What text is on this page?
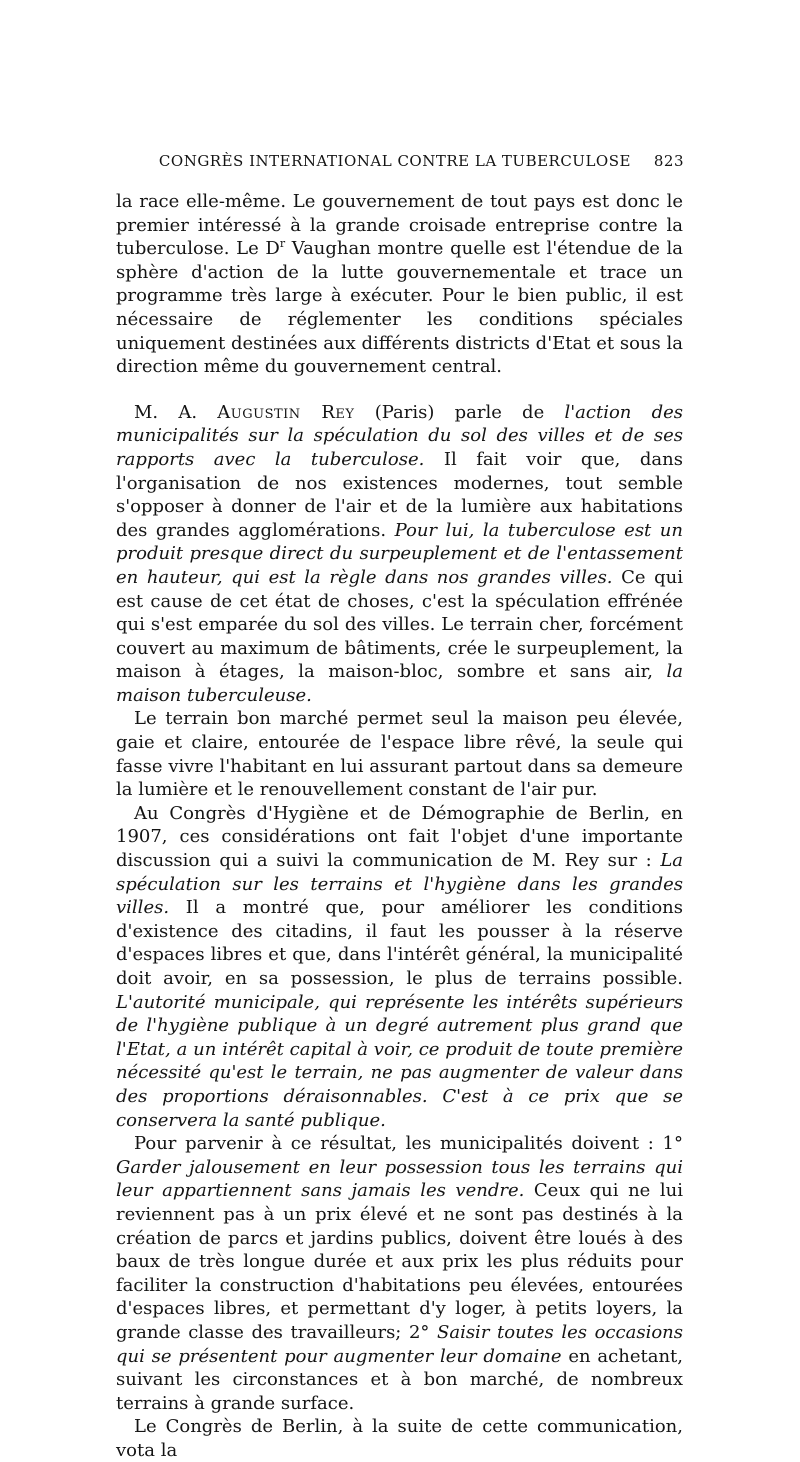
CONGRÈS INTERNATIONAL CONTRE LA TUBERCULOSE	823

la race elle-même. Le gouvernement de tout pays est donc le premier intéressé à la grande croisade entreprise contre la tuberculose. Le $D^r$ Vaughan montre quelle est l'étendue de la sphère d'action de la lutte gouvernementale et trace un programme très large à exécuter. Pour le bien public, il est nécessaire de réglementer les conditions spéciales uniquement destinées aux différents districts d'Etat et sous la direction même du gouvernement central.

M. A. Augustin Rey (Paris) parle de l'action des municipalités sur la spéculation du sol des villes et de ses rapports avec la tuberculose. Il fait voir que, dans l'organisation de nos existences modernes, tout semble s'opposer à donner de l'air et de la lumière aux habitations des grandes agglomérations. Pour lui, la tuberculose est un produit presque direct du surpeuplement et de l'entassement en hauteur, qui est la règle dans nos grandes villes. Ce qui est cause de cet état de choses, c'est la spéculation effrénée qui s'est emparée du sol des villes. Le terrain cher, forcément couvert au maximum de bâtiments, crée le surpeuplement, la maison à étages, la maison-bloc, sombre et sans air, la maison tuberculeuse.

Le terrain bon marché permet seul la maison peu élevée, gaie et claire, entourée de l'espace libre rêvé, la seule qui fasse vivre l'habitant en lui assurant partout dans sa demeure la lumière et le renouvellement constant de l'air pur.

Au Congrès d'Hygiène et de Démographie de Berlin, en 1907, ces considérations ont fait l'objet d'une importante discussion qui a suivi la communication de M. Rey sur : La spéculation sur les terrains et l'hygiène dans les grandes villes. Il a montré que, pour améliorer les conditions d'existence des citadins, il faut les pousser à la réserve d'espaces libres et que, dans l'intérêt général, la municipalité doit avoir, en sa possession, le plus de terrains possible. L'autorité municipale, qui représente les intérêts supérieurs de l'hygiène publique à un degré autrement plus grand que l'Etat, a un intérêt capital à voir, ce produit de toute première nécessité qu'est le terrain, ne pas augmenter de valeur dans des proportions déraisonnables. C'est à ce prix que se conservera la santé publique.

Pour parvenir à ce résultat, les municipalités doivent : 1° Garder jalousement en leur possession tous les terrains qui leur appartiennent sans jamais les vendre. Ceux qui ne lui reviennent pas à un prix élevé et ne sont pas destinés à la création de parcs et jardins publics, doivent être loués à des baux de très longue durée et aux prix les plus réduits pour faciliter la construction d'habitations peu élevées, entourées d'espaces libres, et permettant d'y loger, à petits loyers, la grande classe des travailleurs; 2° Saisir toutes les occasions qui se présentent pour augmenter leur domaine en achetant, suivant les circonstances et à bon marché, de nombreux terrains à grande surface.

Le Congrès de Berlin, à la suite de cette communication, vota la
